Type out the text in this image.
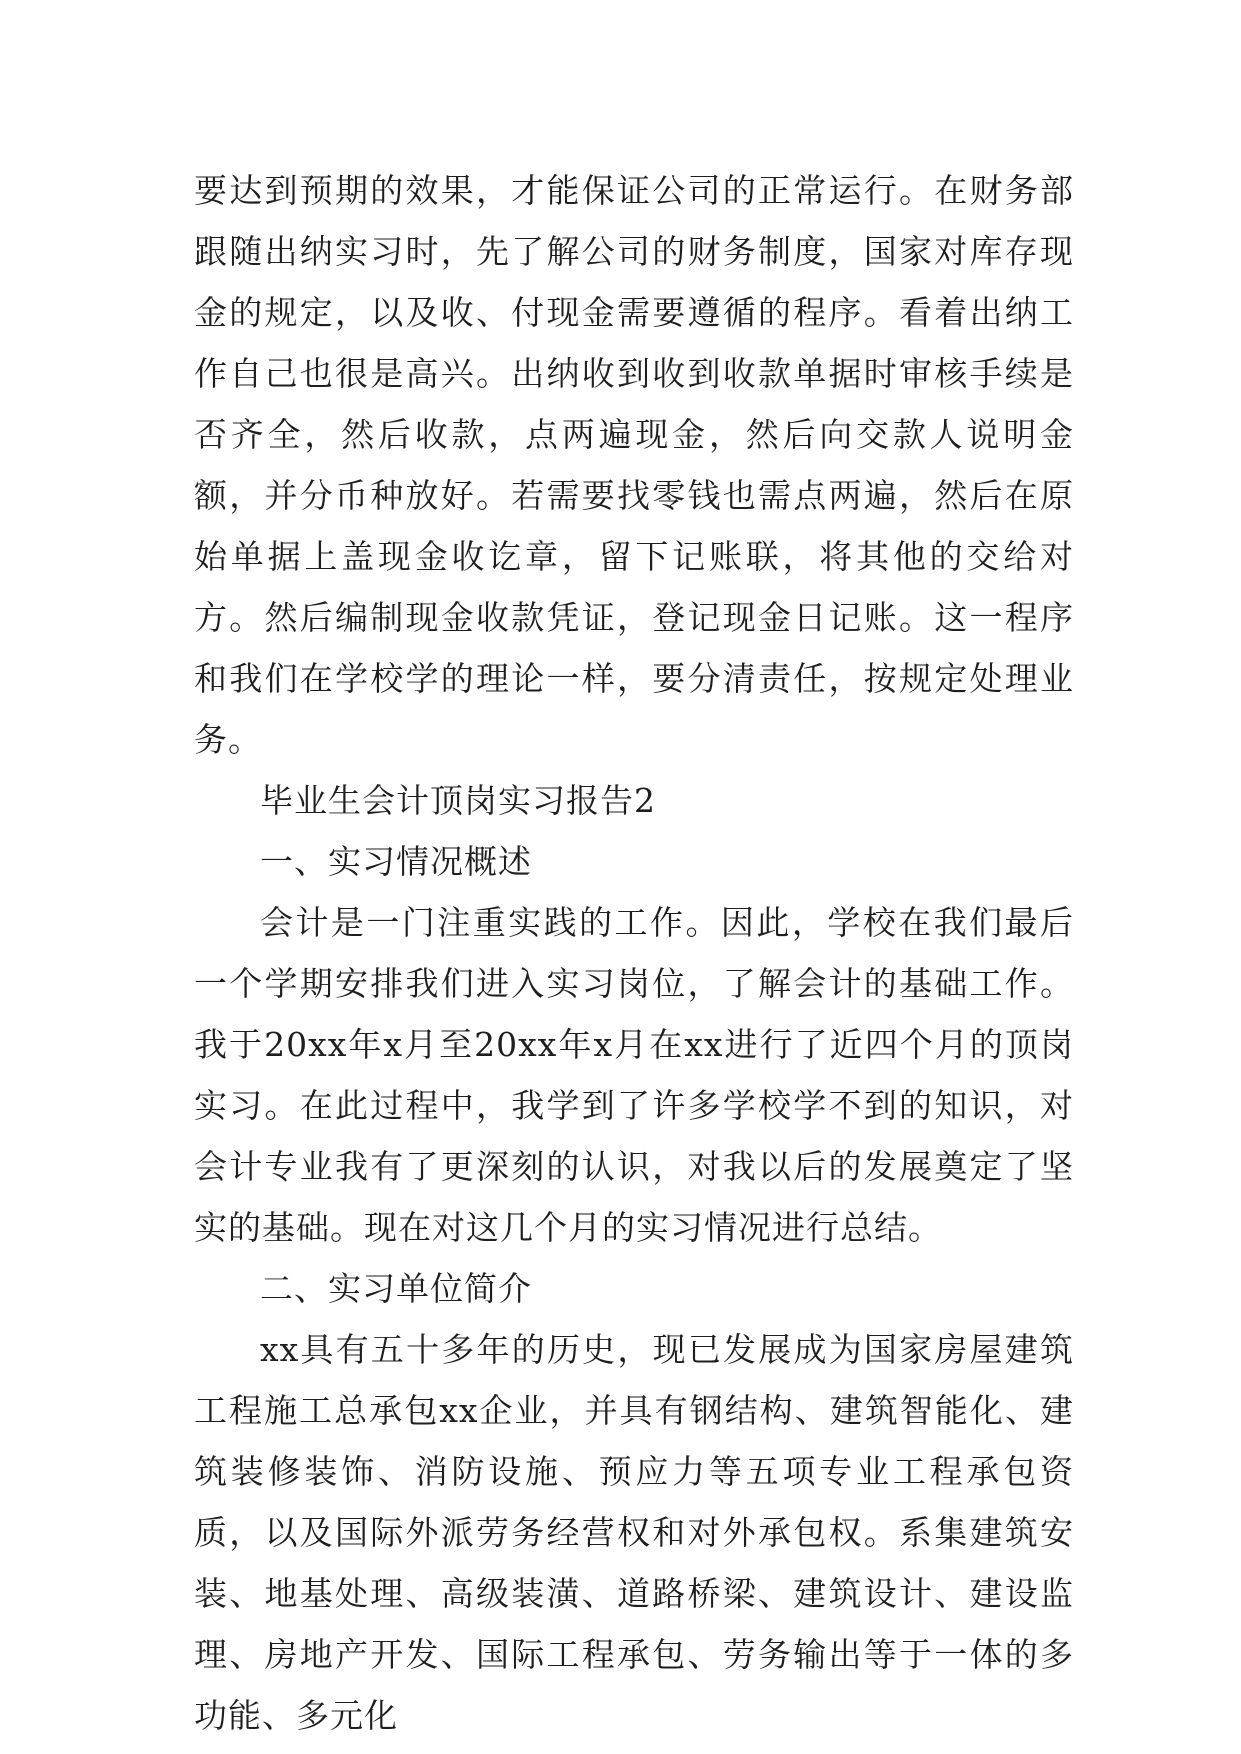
要达到预期的效果，才能保证公司的正常运行。在财务部跟随出纳实习时，先了解公司的财务制度，国家对库存现金的规定，以及收、付现金需要遵循的程序。看着出纳工作自己也很是高兴。出纳收到收到收款单据时审核手续是否齐全，然后收款，点两遍现金，然后向交款人说明金额，并分币种放好。若需要找零钱也需点两遍，然后在原始单据上盖现金收讫章，留下记账联，将其他的交给对方。然后编制现金收款凭证，登记现金日记账。这一程序和我们在学校学的理论一样，要分清责任，按规定处理业务。

毕业生会计顶岗实习报告2

一、实习情况概述

会计是一门注重实践的工作。因此，学校在我们最后一个学期安排我们进入实习岗位，了解会计的基础工作。我于20xx年x月至20xx年x月在xx进行了近四个月的顶岗实习。在此过程中，我学到了许多学校学不到的知识，对会计专业我有了更深刻的认识，对我以后的发展奠定了坚实的基础。现在对这几个月的实习情况进行总结。

二、实习单位简介

xx具有五十多年的历史，现已发展成为国家房屋建筑工程施工总承包xx企业，并具有钢结构、建筑智能化、建筑装修装饰、消防设施、预应力等五项专业工程承包资质，以及国际外派劳务经营权和对外承包权。系集建筑安装、地基处理、高级装潢、道路桥梁、建筑设计、建设监理、房地产开发、国际工程承包、劳务输出等于一体的多功能、多元化
